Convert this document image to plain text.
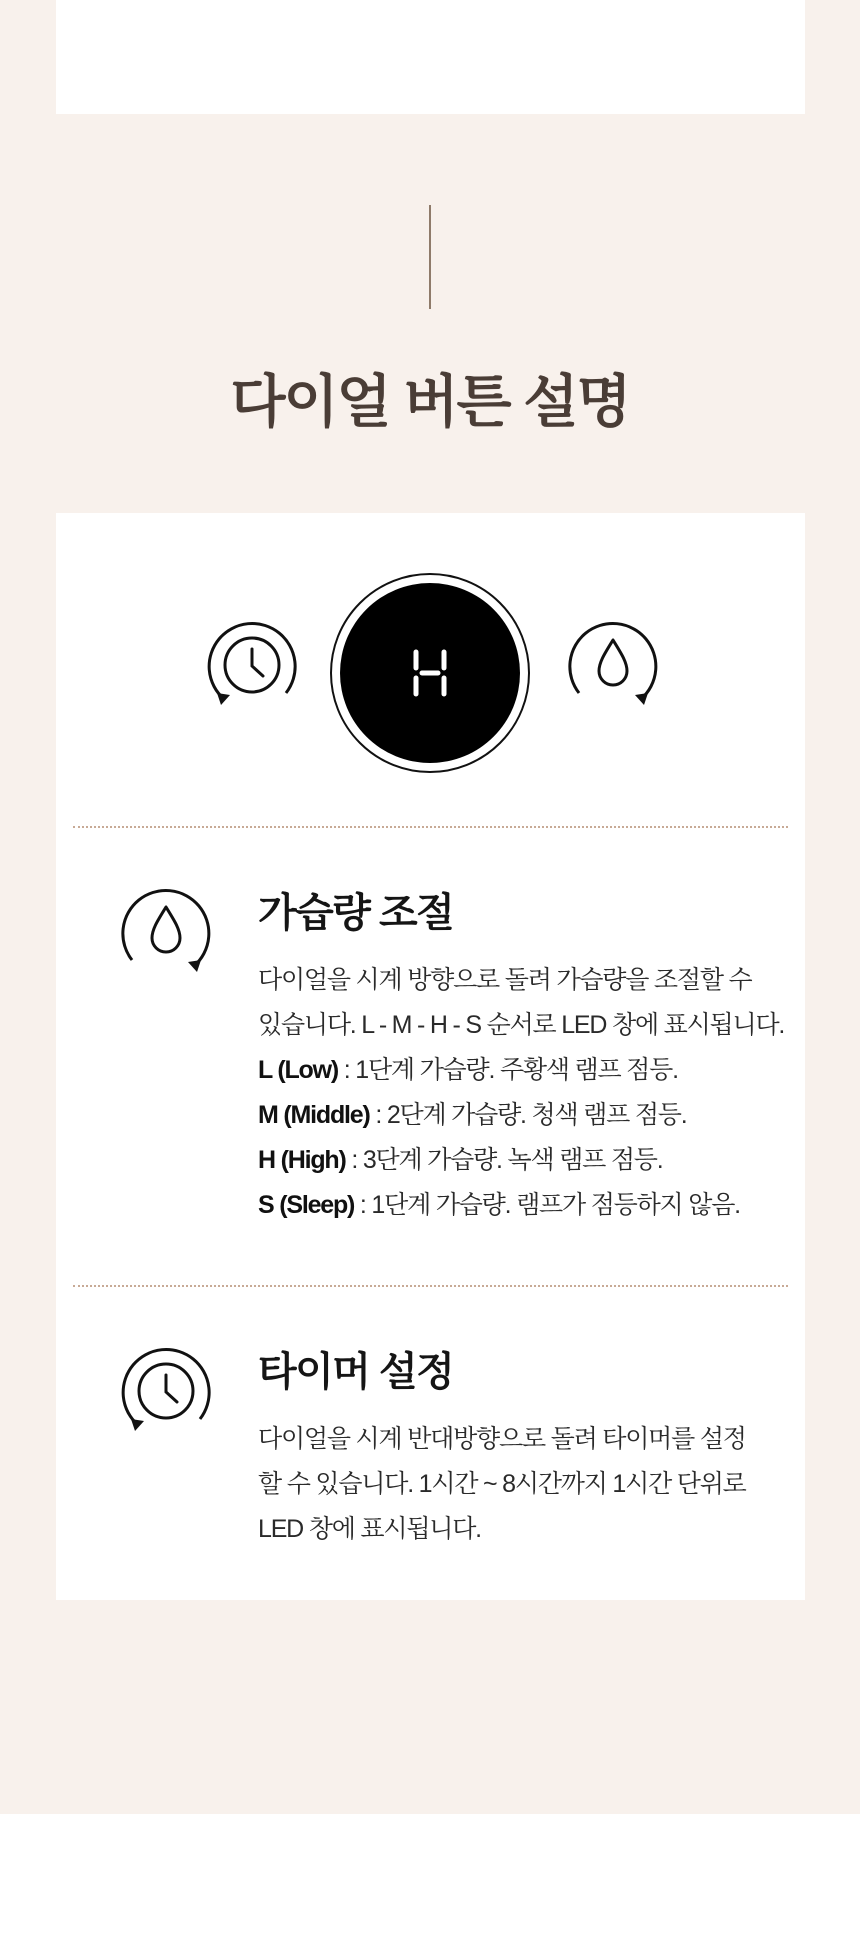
다이얼 버튼 설명
가습량 조절
다이얼을 시계 방향으로 돌려 가습량을 조절할 수
있습니다. L - M - H - S 순서로 LED 창에 표시됩니다.
L (Low) : 1단계 가습량. 주황색 램프 점등.
M (Middle) : 2단계 가습량. 청색 램프 점등.
H (High) : 3단계 가습량. 녹색 램프 점등.
S (Sleep) : 1단계 가습량. 램프가 점등하지 않음.
타이머 설정
다이얼을 시계 반대방향으로 돌려 타이머를 설정
할 수 있습니다. 1시간 ~ 8시간까지 1시간 단위로
LED 창에 표시됩니다.
